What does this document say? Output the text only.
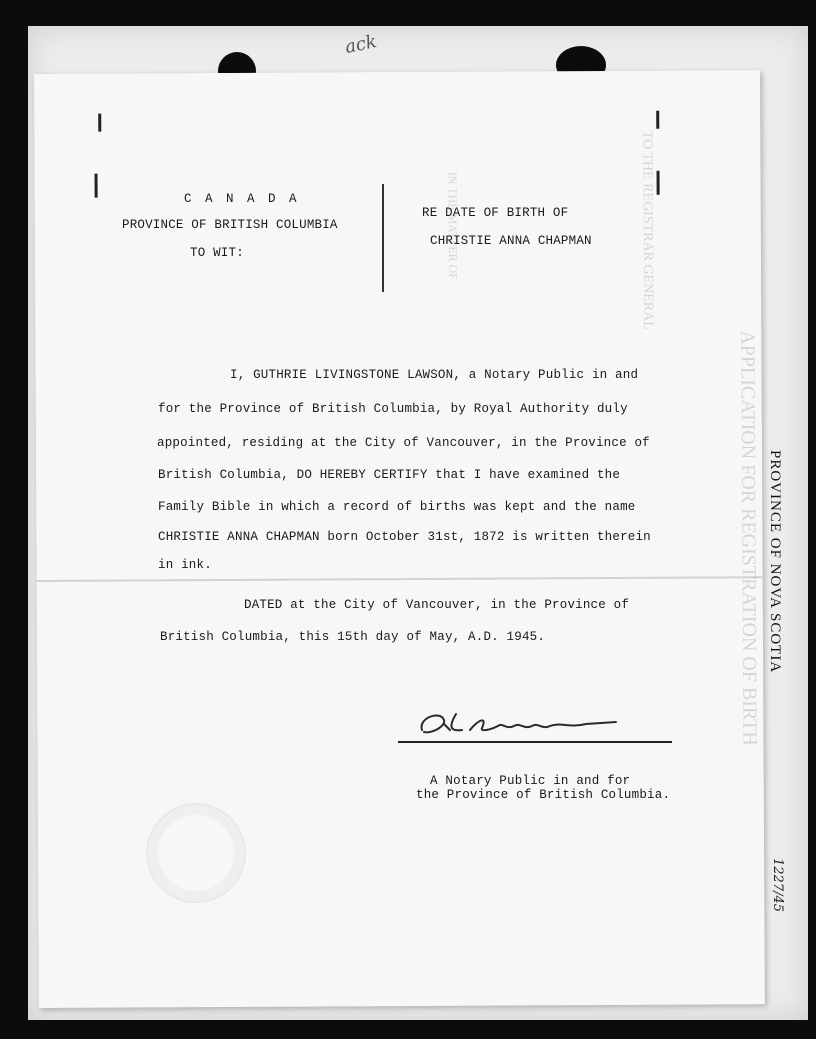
ack
PROVINCE OF NOVA SCOTIA
1227/45
APPLICATION FOR REGISTRATION OF BIRTH
TO THE REGISTRAR GENERAL
IN THE MATTER OF
C A N A D A
PROVINCE OF BRITISH COLUMBIA
TO WIT:
RE DATE OF BIRTH OF
CHRISTIE ANNA CHAPMAN
I, GUTHRIE LIVINGSTONE LAWSON, a Notary Public in and
for the Province of British Columbia, by Royal Authority duly
appointed, residing at the City of Vancouver, in the Province of
British Columbia, DO HEREBY CERTIFY that I have examined the
Family Bible in which a record of births was kept and the name
CHRISTIE ANNA CHAPMAN born October 31st, 1872 is written therein
in ink.
DATED at the City of Vancouver, in the Province of
British Columbia, this 15th day of May, A.D. 1945.
A Notary Public in and for
the Province of British Columbia.
